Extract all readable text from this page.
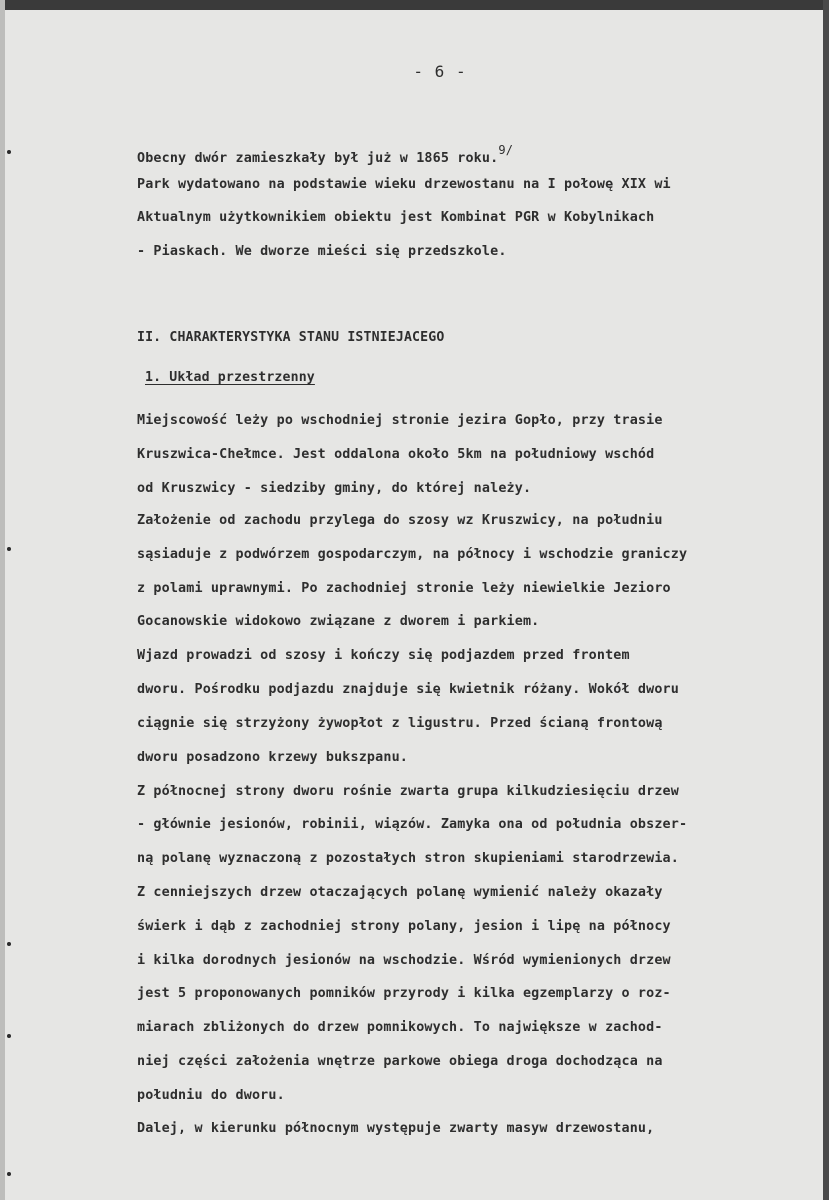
- 6 -
Obecny dwór zamieszkały był już w 1865 roku.$^{9/}$
Park wydatowano na podstawie wieku drzewostanu na I połowę XIX wi
Aktualnym użytkownikiem obiektu jest Kombinat PGR w Kobylnikach
- Piaskach. We dworze mieści się przedszkole.
II. CHARAKTERYSTYKA STANU ISTNIEJACEGO
1. Układ przestrzenny
Miejscowość leży po wschodniej stronie jezira Gopło, przy trasie
Kruszwica-Chełmce. Jest oddalona około 5km na południowy wschód
od Kruszwicy - siedziby gminy, do której należy.
Założenie od zachodu przylega do szosy wz Kruszwicy, na południu
sąsiaduje z podwórzem gospodarczym, na północy i wschodzie graniczy
z polami uprawnymi. Po zachodniej stronie leży niewielkie Jezioro
Gocanowskie widokowo związane z dworem i parkiem.
Wjazd prowadzi od szosy i kończy się podjazdem przed frontem
dworu. Pośrodku podjazdu znajduje się kwietnik różany. Wokół dworu
ciągnie się strzyżony żywopłot z ligustru. Przed ścianą frontową
dworu posadzono krzewy bukszpanu.
Z północnej strony dworu rośnie zwarta grupa kilkudziesięciu drzew
- głównie jesionów, robinii, wiązów. Zamyka ona od południa obszer-
ną polanę wyznaczoną z pozostałych stron skupieniami starodrzewia.
Z cenniejszych drzew otaczających polanę wymienić należy okazały
świerk i dąb z zachodniej strony polany, jesion i lipę na północy
i kilka dorodnych jesionów na wschodzie. Wśród wymienionych drzew
jest 5 proponowanych pomników przyrody i kilka egzemplarzy o roz-
miarach zbliżonych do drzew pomnikowych. To największe w zachod-
niej części założenia wnętrze parkowe obiega droga dochodząca na
południu do dworu.
Dalej, w kierunku północnym występuje zwarty masyw drzewostanu,
